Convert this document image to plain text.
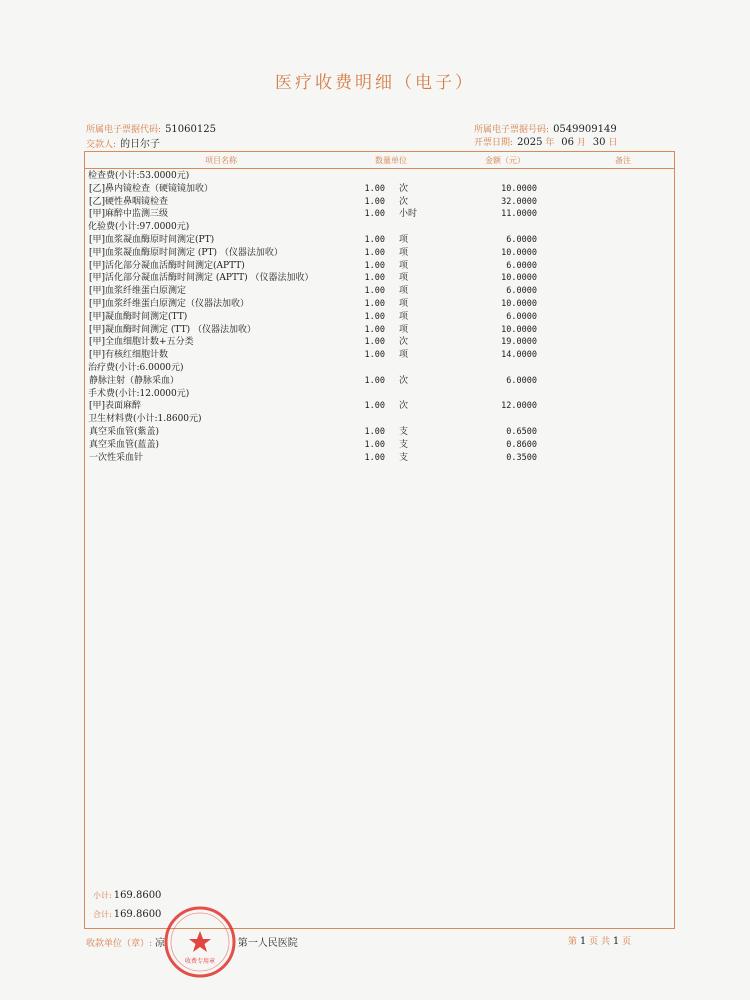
医疗收费明细（电子）
所属电子票据代码: 51060125
交款人: 的日尔子
所属电子票据号码: 0549909149
开票日期: 2025 年 06 月 30 日
项目名称	数量单位	金额（元）	备注
检查费(小计:53.0000元)
[乙]鼻内镜检查（硬镜镜加收）	1.00 次	10.0000
[乙]硬性鼻咽镜检查	1.00 次	32.0000
[甲]麻醉中监测三级	1.00 小时	11.0000
化验费(小计:97.0000元)
[甲]血浆凝血酶原时间测定(PT)	1.00 项	6.0000
[甲]血浆凝血酶原时间测定 (PT) （仪器法加收）	1.00 项	10.0000
[甲]活化部分凝血活酶时间测定(APTT)	1.00 项	6.0000
[甲]活化部分凝血活酶时间测定 (APTT) （仪器法加收）	1.00 项	10.0000
[甲]血浆纤维蛋白原测定	1.00 项	6.0000
[甲]血浆纤维蛋白原测定（仪器法加收）	1.00 项	10.0000
[甲]凝血酶时间测定(TT)	1.00 项	6.0000
[甲]凝血酶时间测定 (TT) （仪器法加收）	1.00 项	10.0000
[甲]全血细胞计数+五分类	1.00 次	19.0000
[甲]有核红细胞计数	1.00 项	14.0000
治疗费(小计:6.0000元)
静脉注射（静脉采血）	1.00 次	6.0000
手术费(小计:12.0000元)
[甲]表面麻醉	1.00 次	12.0000
卫生材料费(小计:1.8600元)
真空采血管(紫盖)	1.00 支	0.6500
真空采血管(蓝盖)	1.00 支	0.8600
一次性采血针	1.00 支	0.3500
小计: 169.8600
合计: 169.8600
收款单位（章）: 凉	第一人民医院	第 1 页 共 1 页
收费专用章
